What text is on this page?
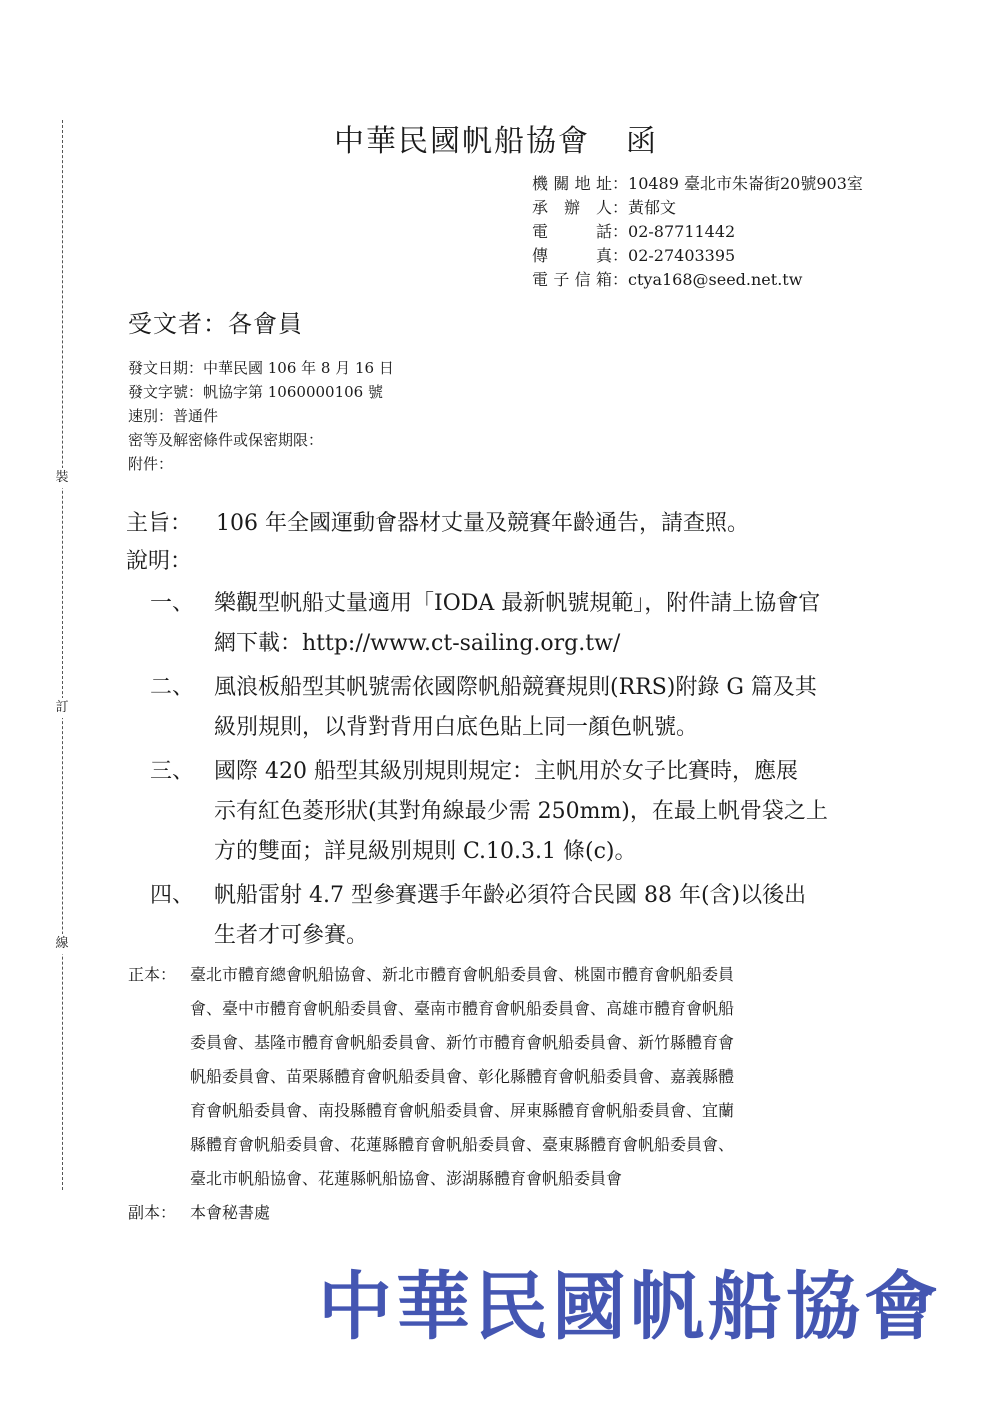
裝
訂
線
中華民國帆船協會 函
機關地址 ： 10489 臺北市朱崙街20號903室
承辦人 ： 黃郁文
電話 ： 02-87711442
傳真 ： 02-27403395
電子信箱 ： ctya168@seed.net.tw
受文者：各會員
發文日期：中華民國 106 年 8 月 16 日
發文字號：帆協字第 1060000106 號
速別：普通件
密等及解密條件或保密期限：
附件：
主旨： 106 年全國運動會器材丈量及競賽年齡通告，請查照。
說明：
一、 樂觀型帆船丈量適用「IODA 最新帆號規範」，附件請上協會官
網下載：http://www.ct-sailing.org.tw/
二、 風浪板船型其帆號需依國際帆船競賽規則(RRS)附錄 G 篇及其
級別規則，以背對背用白底色貼上同一顏色帆號。
三、 國際 420 船型其級別規則規定：主帆用於女子比賽時，應展
示有紅色菱形狀(其對角線最少需 250mm)，在最上帆骨袋之上
方的雙面；詳見級別規則 C.10.3.1 條(c)。
四、 帆船雷射 4.7 型參賽選手年齡必須符合民國 88 年(含)以後出
生者才可參賽。
正本： 臺北市體育總會帆船協會、新北市體育會帆船委員會、桃園市體育會帆船委員
會、臺中市體育會帆船委員會、臺南市體育會帆船委員會、高雄市體育會帆船
委員會、基隆市體育會帆船委員會、新竹市體育會帆船委員會、新竹縣體育會
帆船委員會、苗栗縣體育會帆船委員會、彰化縣體育會帆船委員會、嘉義縣體
育會帆船委員會、南投縣體育會帆船委員會、屏東縣體育會帆船委員會、宜蘭
縣體育會帆船委員會、花蓮縣體育會帆船委員會、臺東縣體育會帆船委員會、
臺北市帆船協會、花蓮縣帆船協會、澎湖縣體育會帆船委員會
副本： 本會秘書處
中華民國帆船協會
